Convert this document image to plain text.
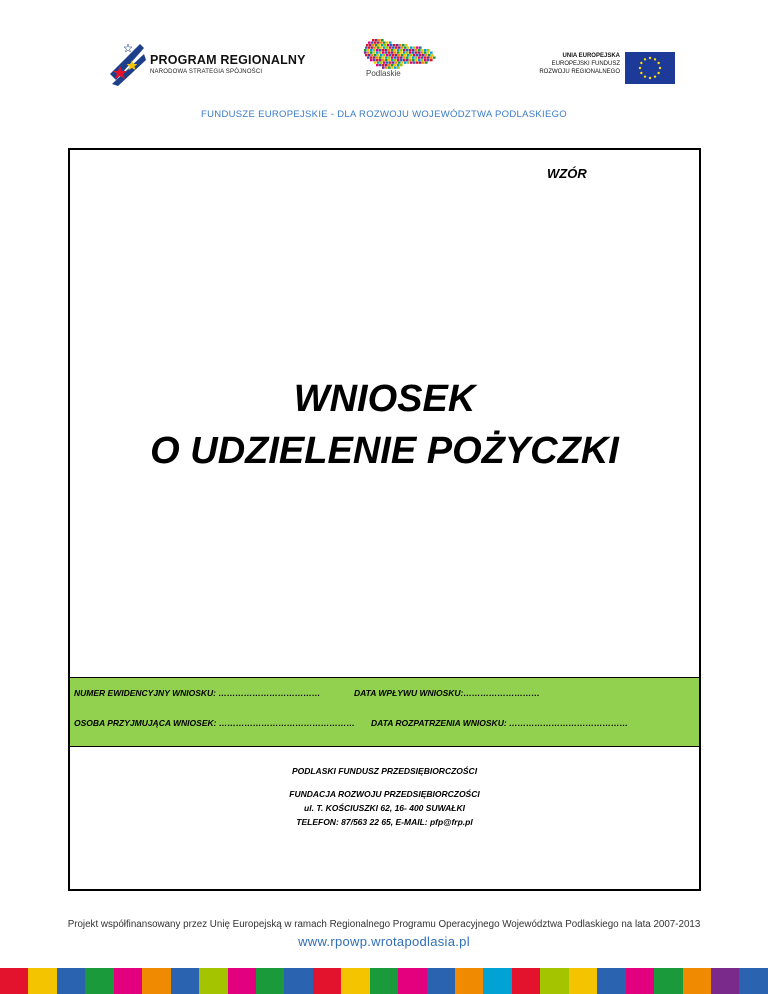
PROGRAM REGIONALNY
NARODOWA STRATEGIA SPÓJNOŚCI	Podlaskie
UNIA EUROPEJSKA
EUROPEJSKI FUNDUSZ
ROZWOJU REGIONALNEGO
FUNDUSZE EUROPEJSKIE - DLA ROZWOJU WOJEWÓDZTWA PODLASKIEGO
WZÓR
WNIOSEK
O UDZIELENIE POŻYCZKI
NUMER EWIDENCYJNY WNIOSKU: ………………………………	DATA WPŁYWU WNIOSKU:………………………
OSOBA PRZYJMUJĄCA WNIOSEK: ………………………………………… DATA ROZPATRZENIA WNIOSKU: ……………………………………
PODLASKI FUNDUSZ PRZEDSIĘBIORCZOŚCI
FUNDACJA ROZWOJU PRZEDSIĘBIORCZOŚCI
ul. T. KOŚCIUSZKI 62, 16- 400 SUWAŁKI
TELEFON: 87/563 22 65, E-MAIL: pfp@frp.pl
Projekt współfinansowany przez Unię Europejską w ramach Regionalnego Programu Operacyjnego Województwa Podlaskiego na lata 2007-2013
www.rpowp.wrotapodlasia.pl
